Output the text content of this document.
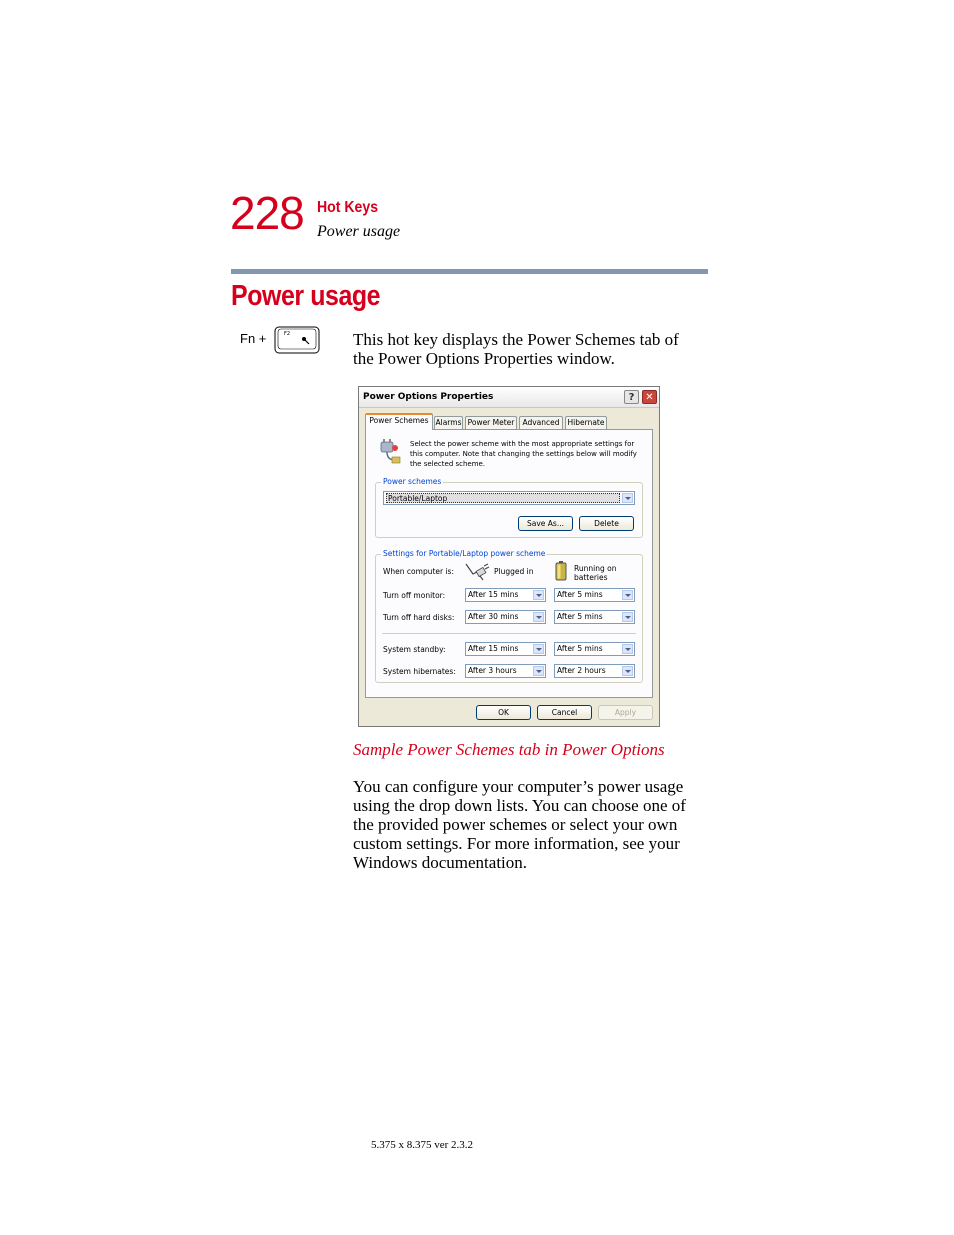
228 Hot Keys
Power usage
Power usage
Fn +	F2	This hot key displays the Power Schemes tab of the Power Options Properties window.
Power Options Properties	?	✕
Power Schemes Alarms Power Meter	Advanced	Hibernate
Select the power scheme with the most appropriate settings for this computer. Note that changing the settings below will modify the selected scheme.
Power schemes
Portable/Laptop
Save As...	Delete
Settings for Portable/Laptop power scheme
When computer is:	Plugged in	Running on batteries
Turn off monitor:	After 15 mins	After 5 mins
Turn off hard disks:	After 30 mins	After 5 mins
System standby:	After 15 mins	After 5 mins
System hibernates:	After 3 hours	After 2 hours
OK	Cancel	Apply
Sample Power Schemes tab in Power Options
You can configure your computer’s power usage using the drop down lists. You can choose one of the provided power schemes or select your own custom settings. For more information, see your Windows documentation.
5.375 x 8.375 ver 2.3.2
